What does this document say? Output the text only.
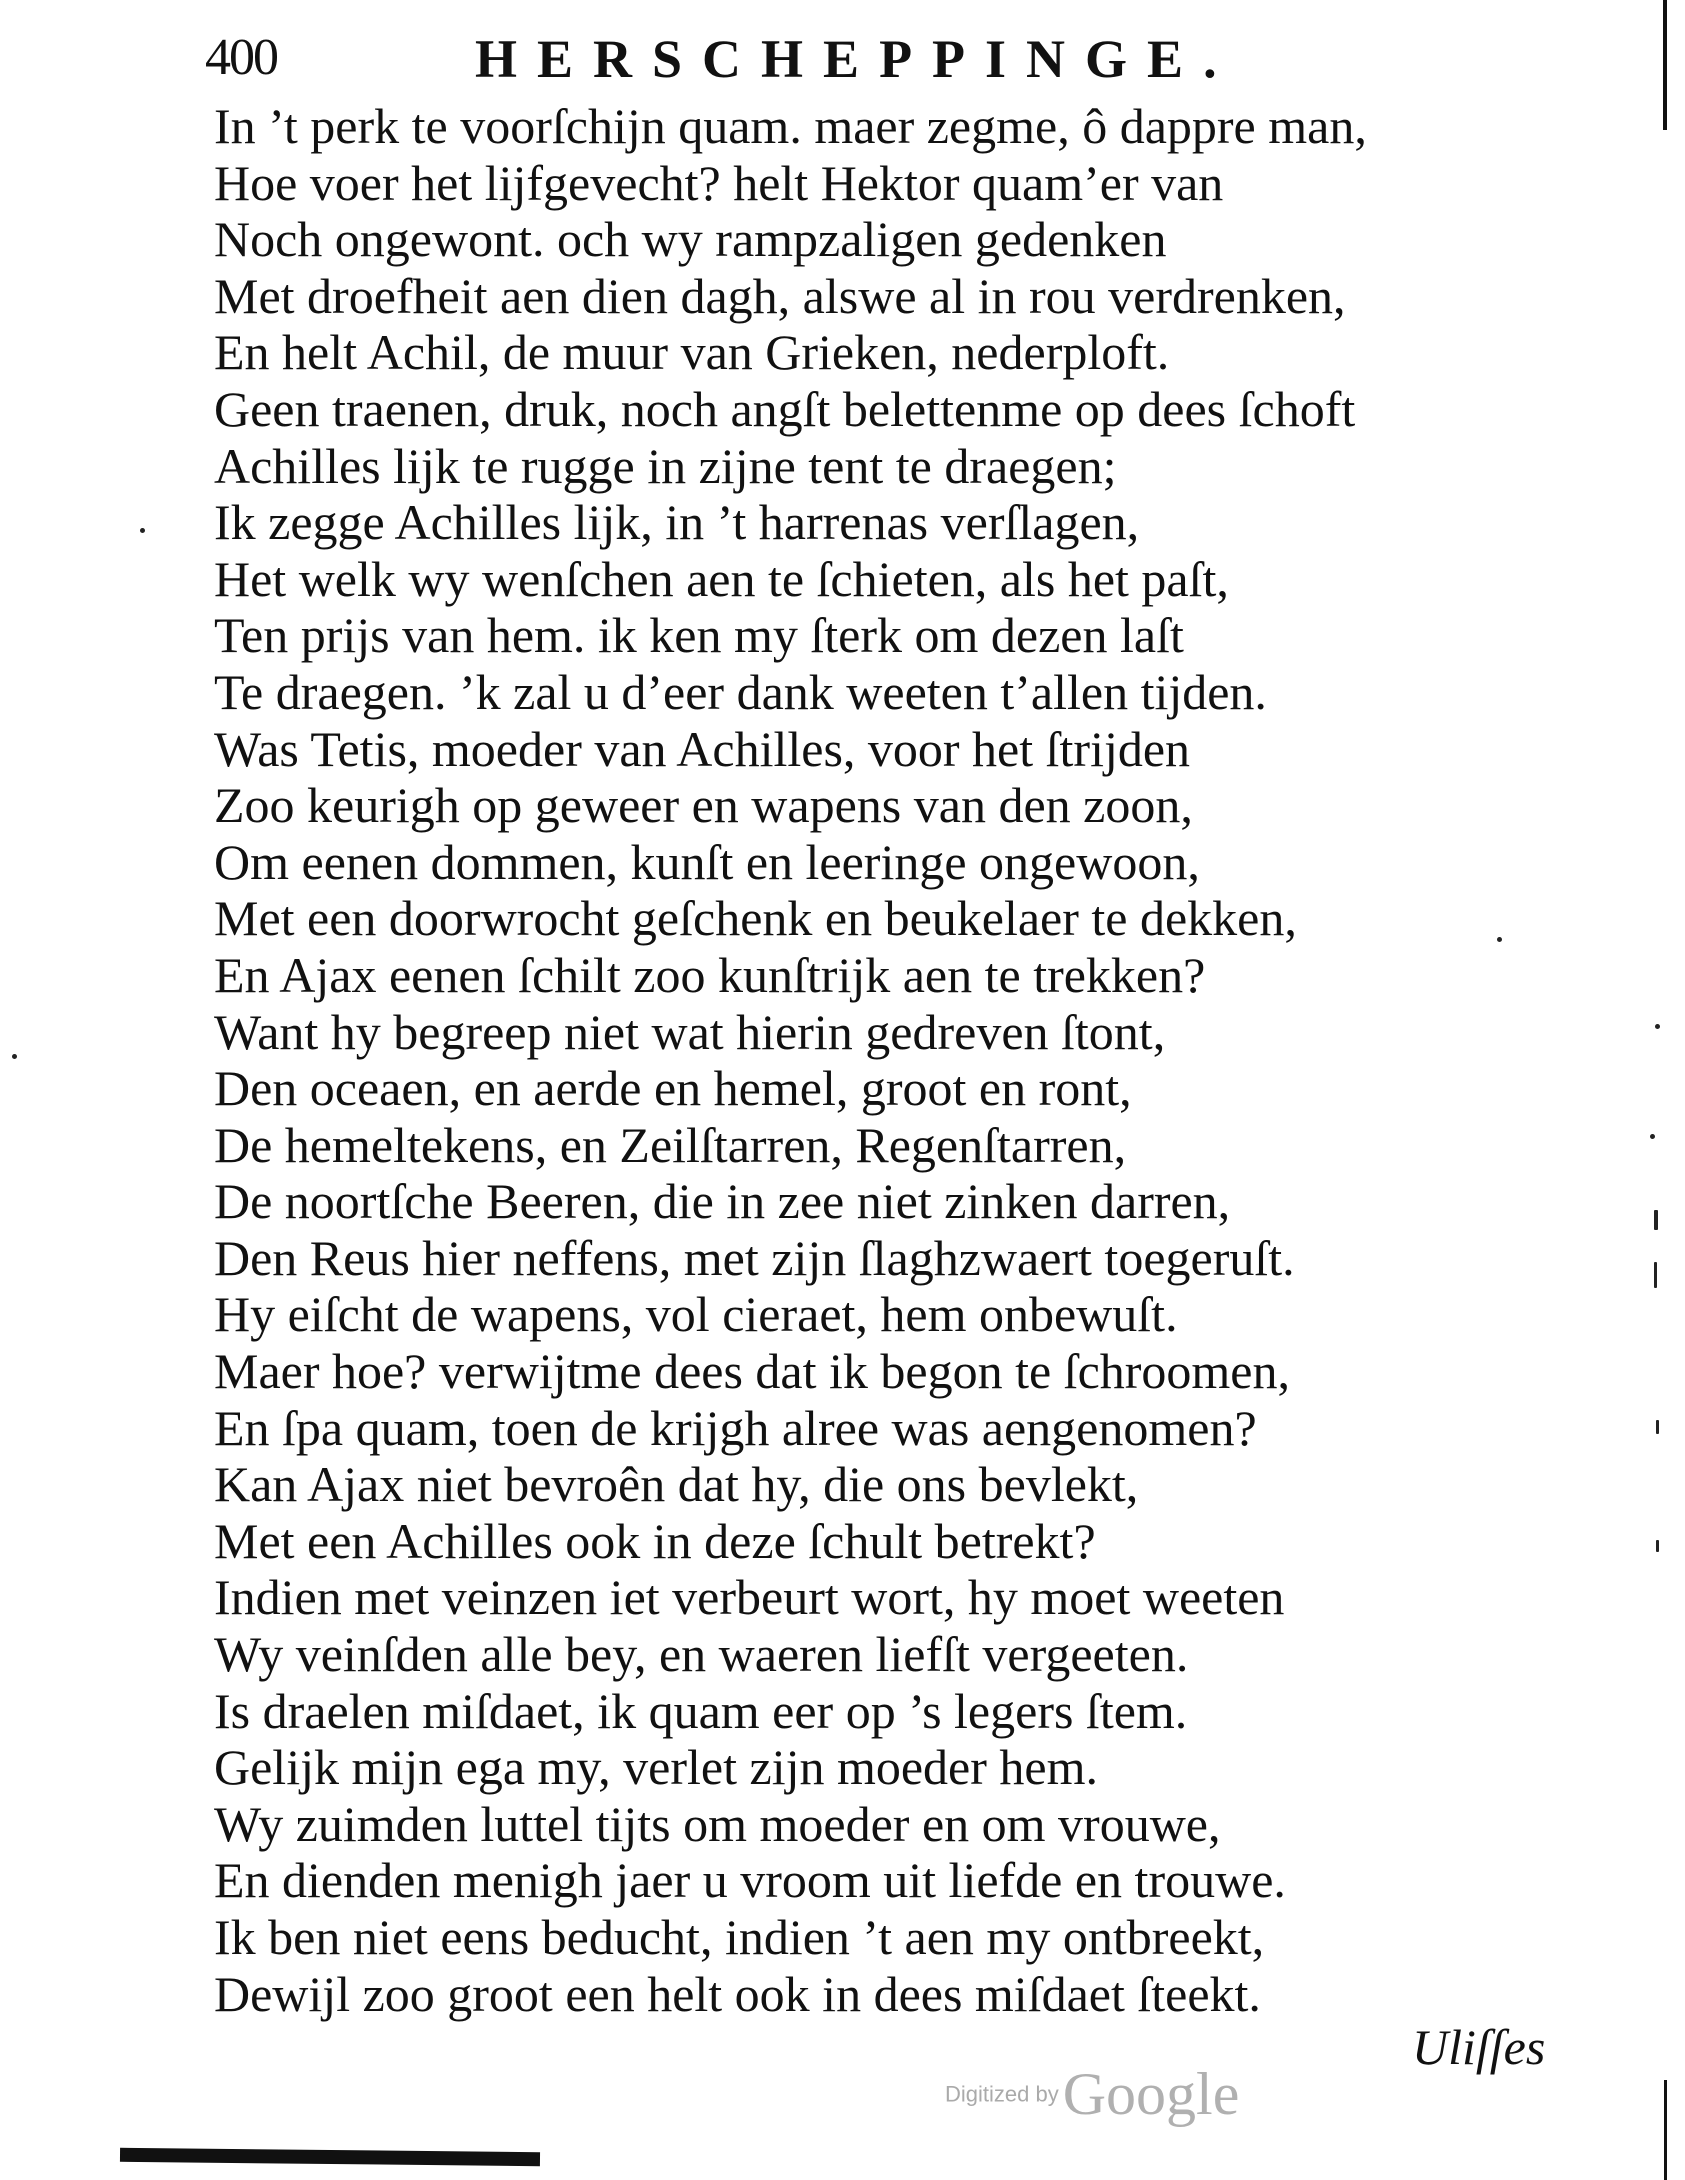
400	HERSCHEPPINGE.
In ’t perk te voorſchijn quam. maer zegme, ô dappre man,
Hoe voer het lijfgevecht? helt Hektor quam’er van
Noch ongewont. och wy rampzaligen gedenken
Met droefheit aen dien dagh, alswe al in rou verdrenken,
En helt Achil, de muur van Grieken, nederploft.
Geen traenen, druk, noch angſt belettenme op dees ſchoft
Achilles lijk te rugge in zijne tent te draegen;
Ik zegge Achilles lijk, in ’t harrenas verſlagen,
Het welk wy wenſchen aen te ſchieten, als het paſt,
Ten prijs van hem. ik ken my ſterk om dezen laſt
Te draegen. ’k zal u d’eer dank weeten t’allen tijden.
Was Tetis, moeder van Achilles, voor het ſtrijden
Zoo keurigh op geweer en wapens van den zoon,
Om eenen dommen, kunſt en leeringe ongewoon,
Met een doorwrocht geſchenk en beukelaer te dekken,
En Ajax eenen ſchilt zoo kunſtrijk aen te trekken?
Want hy begreep niet wat hierin gedreven ſtont,
Den oceaen, en aerde en hemel, groot en ront,
De hemeltekens, en Zeilſtarren, Regenſtarren,
De noortſche Beeren, die in zee niet zinken darren,
Den Reus hier neffens, met zijn ſlaghzwaert toegeruſt.
Hy eiſcht de wapens, vol cieraet, hem onbewuſt.
Maer hoe? verwijtme dees dat ik begon te ſchroomen,
En ſpa quam, toen de krijgh alree was aengenomen?
Kan Ajax niet bevroên dat hy, die ons bevlekt,
Met een Achilles ook in deze ſchult betrekt?
Indien met veinzen iet verbeurt wort, hy moet weeten
Wy veinſden alle bey, en waeren liefſt vergeeten.
Is draelen miſdaet, ik quam eer op ’s legers ſtem.
Gelijk mijn ega my, verlet zijn moeder hem.
Wy zuimden luttel tijts om moeder en om vrouwe,
En dienden menigh jaer u vroom uit liefde en trouwe.
Ik ben niet eens beducht, indien ’t aen my ontbreekt,
Dewijl zoo groot een helt ook in dees miſdaet ſteekt.
Uliſſes
Digitized by Google
